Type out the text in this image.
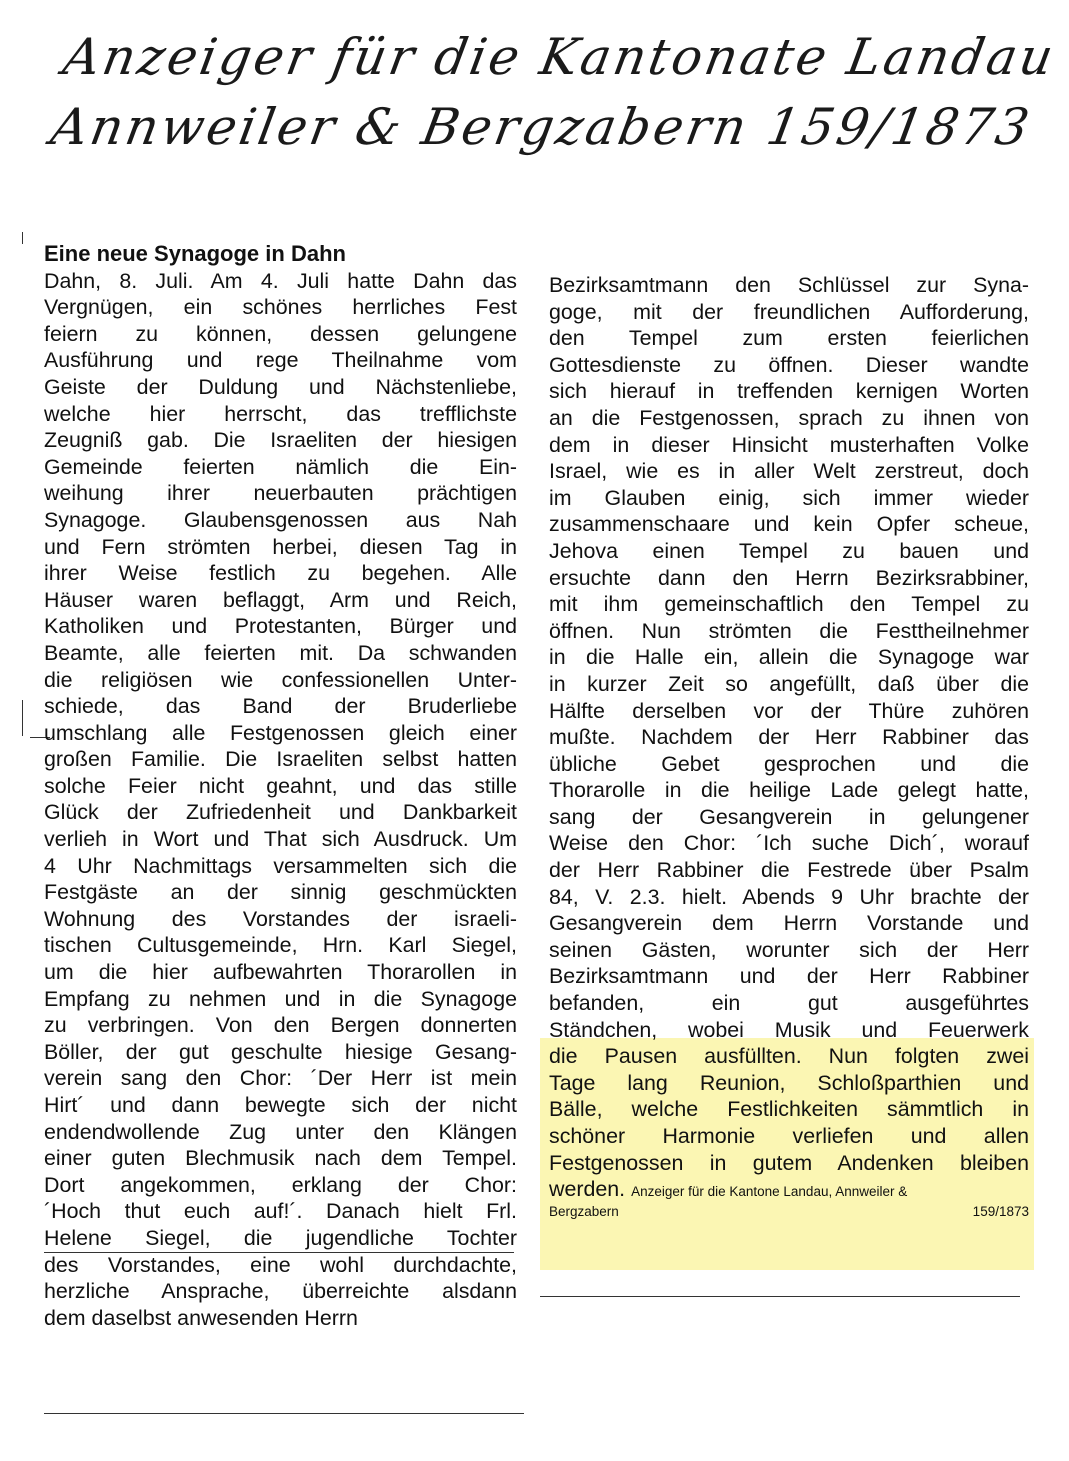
Anzeiger für die Kantonate Landau
Annweiler & Bergzabern 159/1873
Eine neue Synagoge in Dahn
Dahn, 8. Juli. Am 4. Juli hatte Dahn das
Vergnügen, ein schönes herrliches Fest
feiern zu können, dessen gelungene
Ausführung und rege Theilnahme vom
Geiste der Duldung und Nächstenliebe,
welche hier herrscht, das trefflichste
Zeugniß gab. Die Israeliten der hiesigen
Gemeinde feierten nämlich die Ein-
weihung ihrer neuerbauten prächtigen
Synagoge. Glaubensgenossen aus Nah
und Fern strömten herbei, diesen Tag in
ihrer Weise festlich zu begehen. Alle
Häuser waren beflaggt, Arm und Reich,
Katholiken und Protestanten, Bürger und
Beamte, alle feierten mit. Da schwanden
die religiösen wie confessionellen Unter-
schiede, das Band der Bruderliebe
umschlang alle Festgenossen gleich einer
großen Familie. Die Israeliten selbst hatten
solche Feier nicht geahnt, und das stille
Glück der Zufriedenheit und Dankbarkeit
verlieh in Wort und That sich Ausdruck. Um
4 Uhr Nachmittags versammelten sich die
Festgäste an der sinnig geschmückten
Wohnung des Vorstandes der israeli-
tischen Cultusgemeinde, Hrn. Karl Siegel,
um die hier aufbewahrten Thorarollen in
Empfang zu nehmen und in die Synagoge
zu verbringen. Von den Bergen donnerten
Böller, der gut geschulte hiesige Gesang-
verein sang den Chor: ´Der Herr ist mein
Hirt´ und dann bewegte sich der nicht
endendwollende Zug unter den Klängen
einer guten Blechmusik nach dem Tempel.
Dort angekommen, erklang der Chor:
´Hoch thut euch auf!´. Danach hielt Frl.
Helene Siegel, die jugendliche Tochter
des Vorstandes, eine wohl durchdachte,
herzliche Ansprache, überreichte alsdann
dem daselbst anwesenden Herrn
Bezirksamtmann den Schlüssel zur Syna-
goge, mit der freundlichen Aufforderung,
den Tempel zum ersten feierlichen
Gottesdienste zu öffnen. Dieser wandte
sich hierauf in treffenden kernigen Worten
an die Festgenossen, sprach zu ihnen von
dem in dieser Hinsicht musterhaften Volke
Israel, wie es in aller Welt zerstreut, doch
im Glauben einig, sich immer wieder
zusammenschaare und kein Opfer scheue,
Jehova einen Tempel zu bauen und
ersuchte dann den Herrn Bezirksrabbiner,
mit ihm gemeinschaftlich den Tempel zu
öffnen. Nun strömten die Festtheilnehmer
in die Halle ein, allein die Synagoge war
in kurzer Zeit so angefüllt, daß über die
Hälfte derselben vor der Thüre zuhören
mußte. Nachdem der Herr Rabbiner das
übliche Gebet gesprochen und die
Thorarolle in die heilige Lade gelegt hatte,
sang der Gesangverein in gelungener
Weise den Chor: ´Ich suche Dich´, worauf
der Herr Rabbiner die Festrede über Psalm
84, V. 2.3. hielt. Abends 9 Uhr brachte der
Gesangverein dem Herrn Vorstande und
seinen Gästen, worunter sich der Herr
Bezirksamtmann und der Herr Rabbiner
befanden, ein gut ausgeführtes
Ständchen, wobei Musik und Feuerwerk
die Pausen ausfüllten. Nun folgten zwei
Tage lang Reunion, Schloßparthien und
Bälle, welche Festlichkeiten sämmtlich in
schöner Harmonie verliefen und allen
Festgenossen in gutem Andenken bleiben
werden. Anzeiger für die Kantone Landau, Annweiler &
Bergzabern 159/1873
